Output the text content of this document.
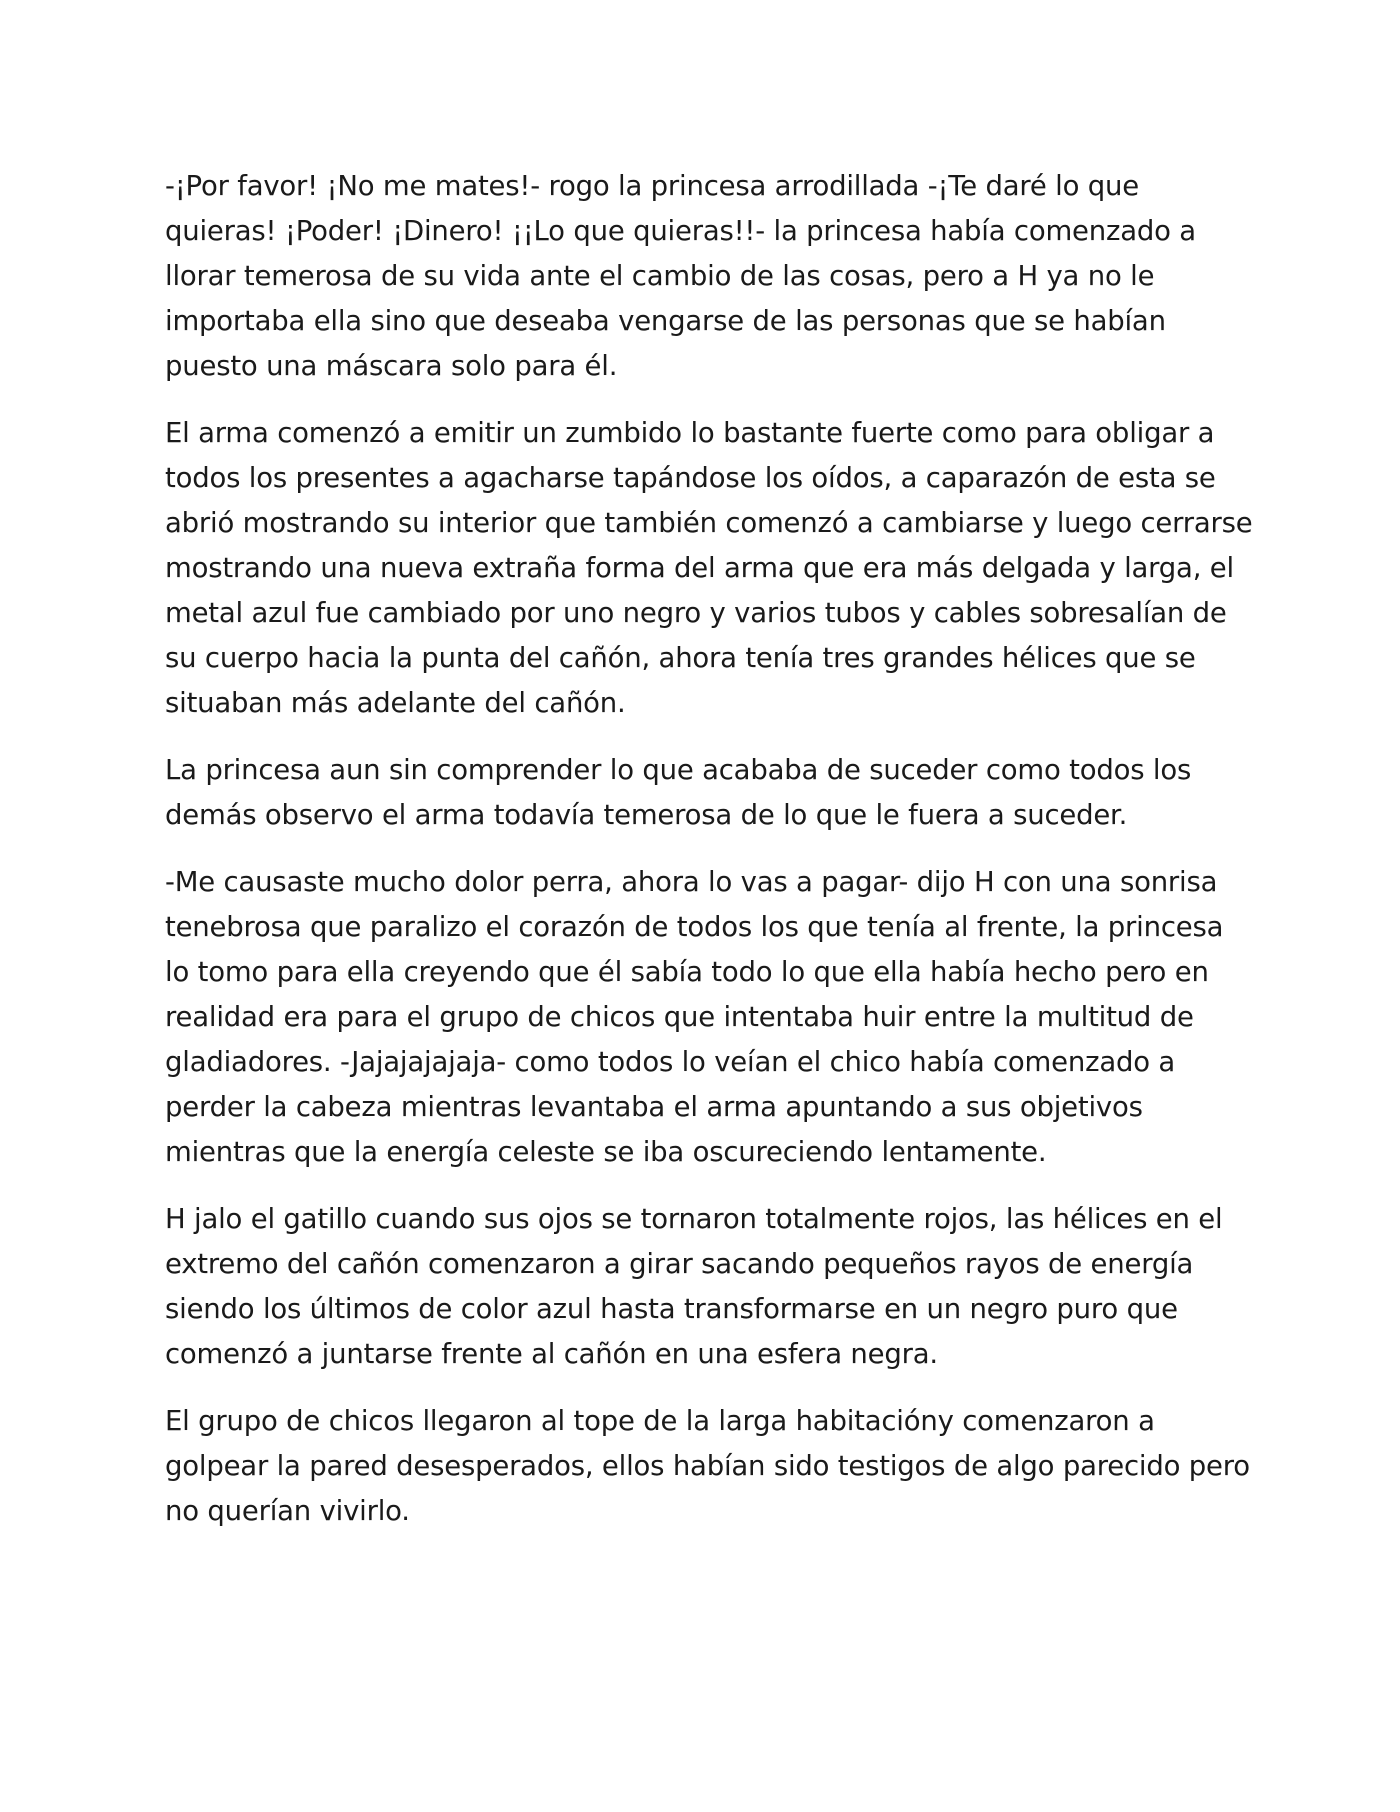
-¡Por favor! ¡No me mates!- rogo la princesa arrodillada -¡Te daré lo que quieras! ¡Poder! ¡Dinero! ¡¡Lo que quieras!!- la princesa había comenzado a llorar temerosa de su vida ante el cambio de las cosas, pero a H ya no le importaba ella sino que deseaba vengarse de las personas que se habían puesto una máscara solo para él.

El arma comenzó a emitir un zumbido lo bastante fuerte como para obligar a todos los presentes a agacharse tapándose los oídos, a caparazón de esta se abrió mostrando su interior que también comenzó a cambiarse y luego cerrarse mostrando una nueva extraña forma del arma que era más delgada y larga, el metal azul fue cambiado por uno negro y varios tubos y cables sobresalían de su cuerpo hacia la punta del cañón, ahora tenía tres grandes hélices que se situaban más adelante del cañón.

La princesa aun sin comprender lo que acababa de suceder como todos los demás observo el arma todavía temerosa de lo que le fuera a suceder.

-Me causaste mucho dolor perra, ahora lo vas a pagar- dijo H con una sonrisa tenebrosa que paralizo el corazón de todos los que tenía al frente, la princesa lo tomo para ella creyendo que él sabía todo lo que ella había hecho pero en realidad era para el grupo de chicos que intentaba huir entre la multitud de gladiadores. -Jajajajajaja- como todos lo veían el chico había comenzado a perder la cabeza mientras levantaba el arma apuntando a sus objetivos mientras que la energía celeste se iba oscureciendo lentamente.

H jalo el gatillo cuando sus ojos se tornaron totalmente rojos, las hélices en el extremo del cañón comenzaron a girar sacando pequeños rayos de energía siendo los últimos de color azul hasta transformarse en un negro puro que comenzó a juntarse frente al cañón en una esfera negra.

El grupo de chicos llegaron al tope de la larga habitacióny comenzaron a golpear la pared desesperados, ellos habían sido testigos de algo parecido pero no querían vivirlo.
